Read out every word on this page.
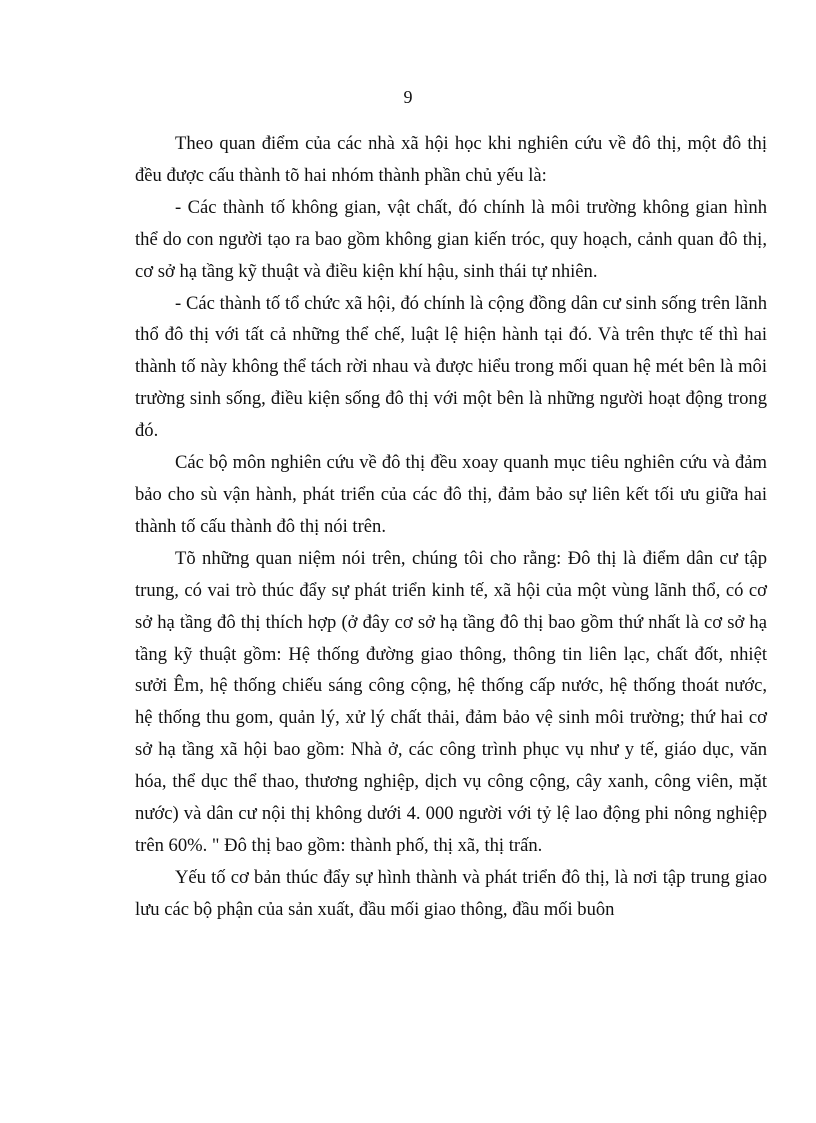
9

Theo quan điểm của các nhà xã hội học khi nghiên cứu về đô thị, một đô thị đều được cấu thành tõ hai nhóm thành phần chủ yếu là:

- Các thành tố không gian, vật chất, đó chính là môi trường không gian hình thể do con người tạo ra bao gồm không gian kiến tróc, quy hoạch, cảnh quan đô thị, cơ sở hạ tầng kỹ thuật và điều kiện khí hậu, sinh thái tự nhiên.

- Các thành tố tổ chức xã hội, đó chính là cộng đồng dân cư sinh sống trên lãnh thổ đô thị với tất cả những thể chế, luật lệ hiện hành tại đó. Và trên thực tế thì hai thành tố này không thể tách rời nhau và được hiểu trong mối quan hệ mét bên là môi trường sinh sống, điều kiện sống đô thị với một bên là những người hoạt động trong đó.

Các bộ môn nghiên cứu về đô thị đều xoay quanh mục tiêu nghiên cứu và đảm bảo cho sù vận hành, phát triển của các đô thị, đảm bảo sự liên kết tối ưu giữa hai thành tố cấu thành đô thị nói trên.

Tõ những quan niệm nói trên, chúng tôi cho rằng: Đô thị là điểm dân cư tập trung, có vai trò thúc đẩy sự phát triển kinh tế, xã hội của một vùng lãnh thổ, có cơ sở hạ tầng đô thị thích hợp (ở đây cơ sở hạ tầng đô thị bao gồm thứ nhất là cơ sở hạ tầng kỹ thuật gồm: Hệ thống đường giao thông, thông tin liên lạc, chất đốt, nhiệt sưởi Êm, hệ thống chiếu sáng công cộng, hệ thống cấp nước, hệ thống thoát nước, hệ thống thu gom, quản lý, xử lý chất thải, đảm bảo vệ sinh môi trường; thứ hai cơ sở hạ tầng xã hội bao gồm: Nhà ở, các công trình phục vụ như y tế, giáo dục, văn hóa, thể dục thể thao, thương nghiệp, dịch vụ công cộng, cây xanh, công viên, mặt nước) và dân cư nội thị không dưới 4. 000 người với tỷ lệ lao động phi nông nghiệp trên 60%. " Đô thị bao gồm: thành phố, thị xã, thị trấn.

Yếu tố cơ bản thúc đẩy sự hình thành và phát triển đô thị, là nơi tập trung giao lưu các bộ phận của sản xuất, đầu mối giao thông, đầu mối buôn
